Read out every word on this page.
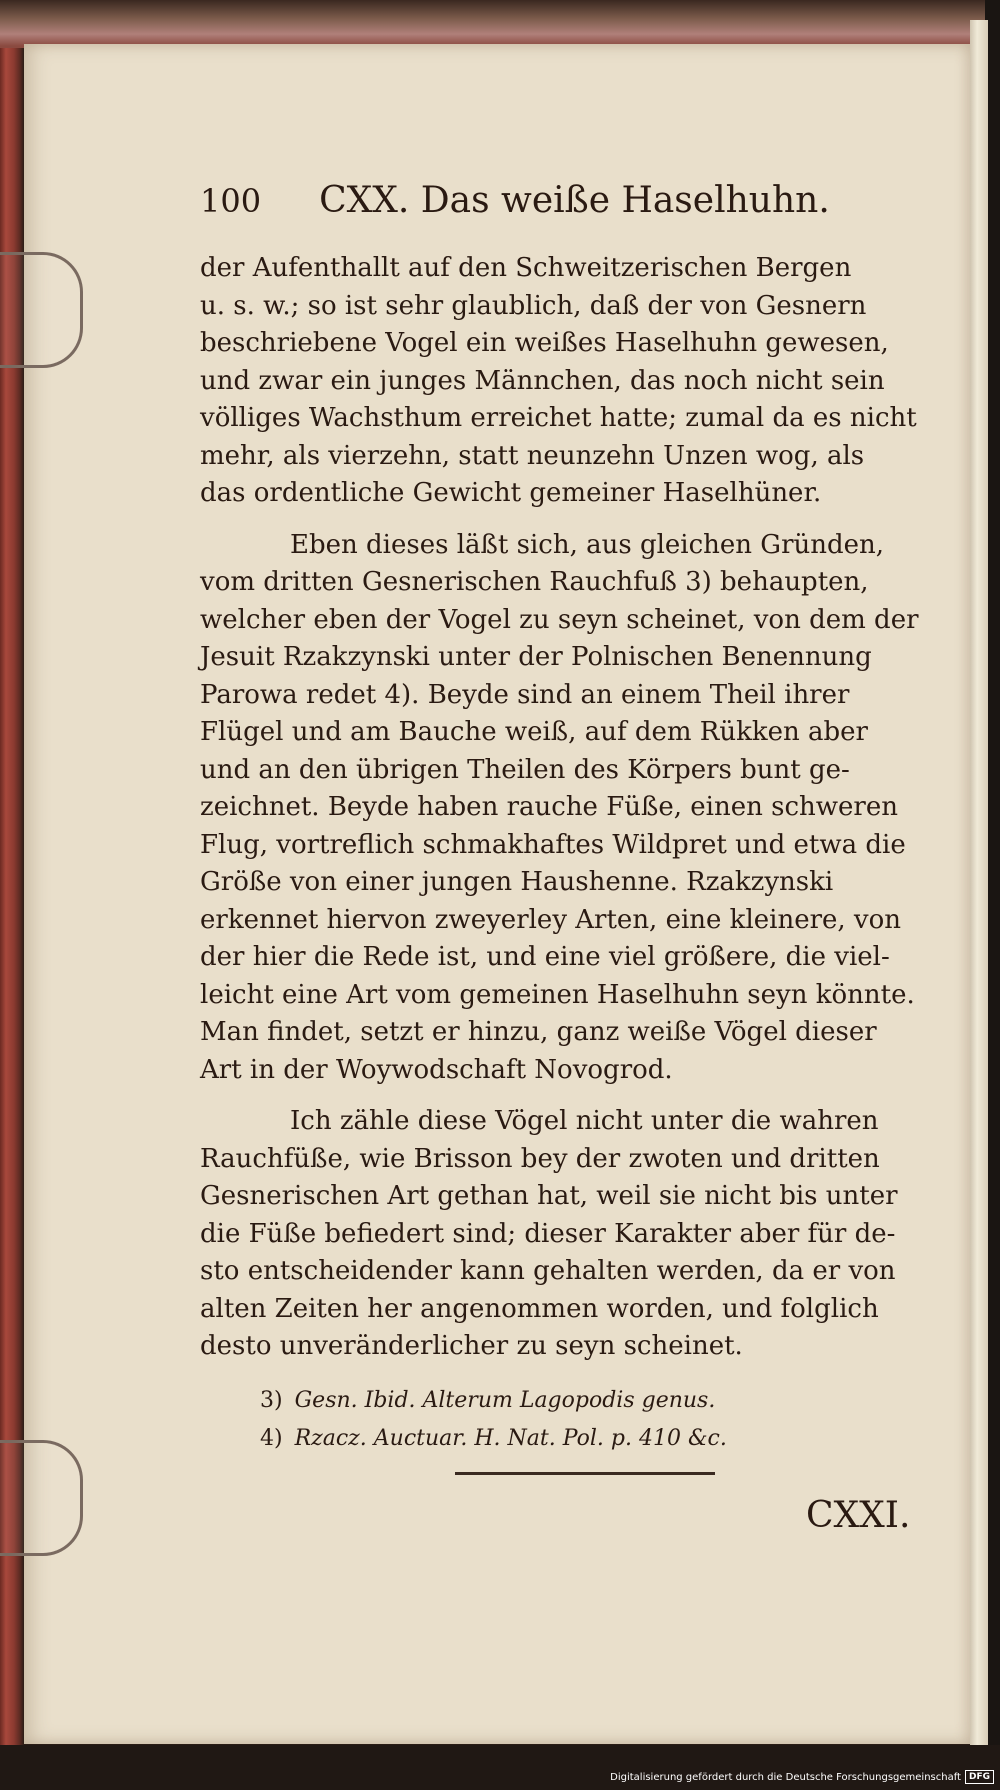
100 CXX. Das weiße Haselhuhn.
der Aufenthallt auf den Schweitzerischen Bergen
u. s. w.; so ist sehr glaublich, daß der von Gesnern
beschriebene Vogel ein weißes Haselhuhn gewesen,
und zwar ein junges Männchen, das noch nicht sein
völliges Wachsthum erreichet hatte; zumal da es nicht
mehr, als vierzehn, statt neunzehn Unzen wog, als
das ordentliche Gewicht gemeiner Haselhüner.
Eben dieses läßt sich, aus gleichen Gründen,
vom dritten Gesnerischen Rauchfuß 3) behaupten,
welcher eben der Vogel zu seyn scheinet, von dem der
Jesuit Rzakzynski unter der Polnischen Benennung
Parowa redet 4). Beyde sind an einem Theil ihrer
Flügel und am Bauche weiß, auf dem Rükken aber
und an den übrigen Theilen des Körpers bunt ge-
zeichnet. Beyde haben rauche Füße, einen schweren
Flug, vortreflich schmakhaftes Wildpret und etwa die
Größe von einer jungen Haushenne. Rzakzynski
erkennet hiervon zweyerley Arten, eine kleinere, von
der hier die Rede ist, und eine viel größere, die viel-
leicht eine Art vom gemeinen Haselhuhn seyn könnte.
Man findet, setzt er hinzu, ganz weiße Vögel dieser
Art in der Woywodschaft Novogrod.
Ich zähle diese Vögel nicht unter die wahren
Rauchfüße, wie Brisson bey der zwoten und dritten
Gesnerischen Art gethan hat, weil sie nicht bis unter
die Füße befiedert sind; dieser Karakter aber für de-
sto entscheidender kann gehalten werden, da er von
alten Zeiten her angenommen worden, und folglich
desto unveränderlicher zu seyn scheinet.
3) Gesn. Ibid. Alterum Lagopodis genus.
4) Rzacz. Auctuar. H. Nat. Pol. p. 410 &c.
CXXI.
Digitalisierung gefördert durch die Deutsche Forschungsgemeinschaft DFG
